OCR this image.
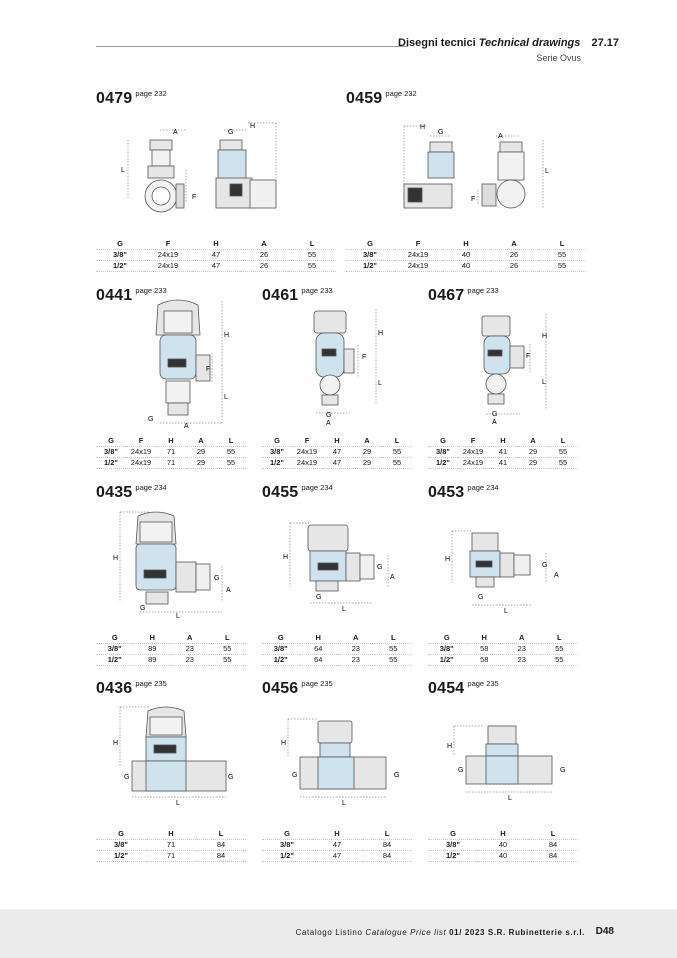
Disegni tecnici Technical drawings 27.17
Serie Ovus
0479 $^{page 232}$
A	G
H
L
F
G	F	H	A	L
3/8"	24x19	47	26	55
1/2"	24x19	47	26	55
0459 $^{page 232}$
H
G
A
L
F
G	F	H	A	L
3/8"	24x19	40	26	55
1/2"	24x19	40	26	55
0441 $^{page 233}$
H
F
L
G
A
G	F	H	A	L
3/8"	24x19	71	29	55
1/2"	24x19	71	29	55
0461 $^{page 233}$
H
F
L
G
A
G	F	H	A	L
3/8"	24x19	47	29	55
1/2"	24x19	47	29	55
0467 $^{page 233}$
H
F
L
G
A
G	F	H	A	L
3/8"	24x19	41	29	55
1/2"	24x19	41	29	55
0435 $^{page 234}$
H
G
A
G
L
G	H	A	L
3/8"	89	23	55
1/2"	89	23	55
0455 $^{page 234}$
H
G
A
G
L
G	H	A	L
3/8"	64	23	55
1/2"	64	23	55
0453 $^{page 234}$
H
G
A
G
L
G	H	A	L
3/8"	58	23	55
1/2"	58	23	55
0436 $^{page 235}$
H
G	G
L
G	H	L
3/8"	71	84
1/2"	71	84
0456 $^{page 235}$
H
G	G
L
G	H	L
3/8"	47	84
1/2"	47	84
0454 $^{page 235}$
H
G	G
L
G	H	L
3/8"	40	84
1/2"	40	84
Catalogo Listino Catalogue Price list 01/ 2023 S.R. Rubinetterie s.r.l. D48
